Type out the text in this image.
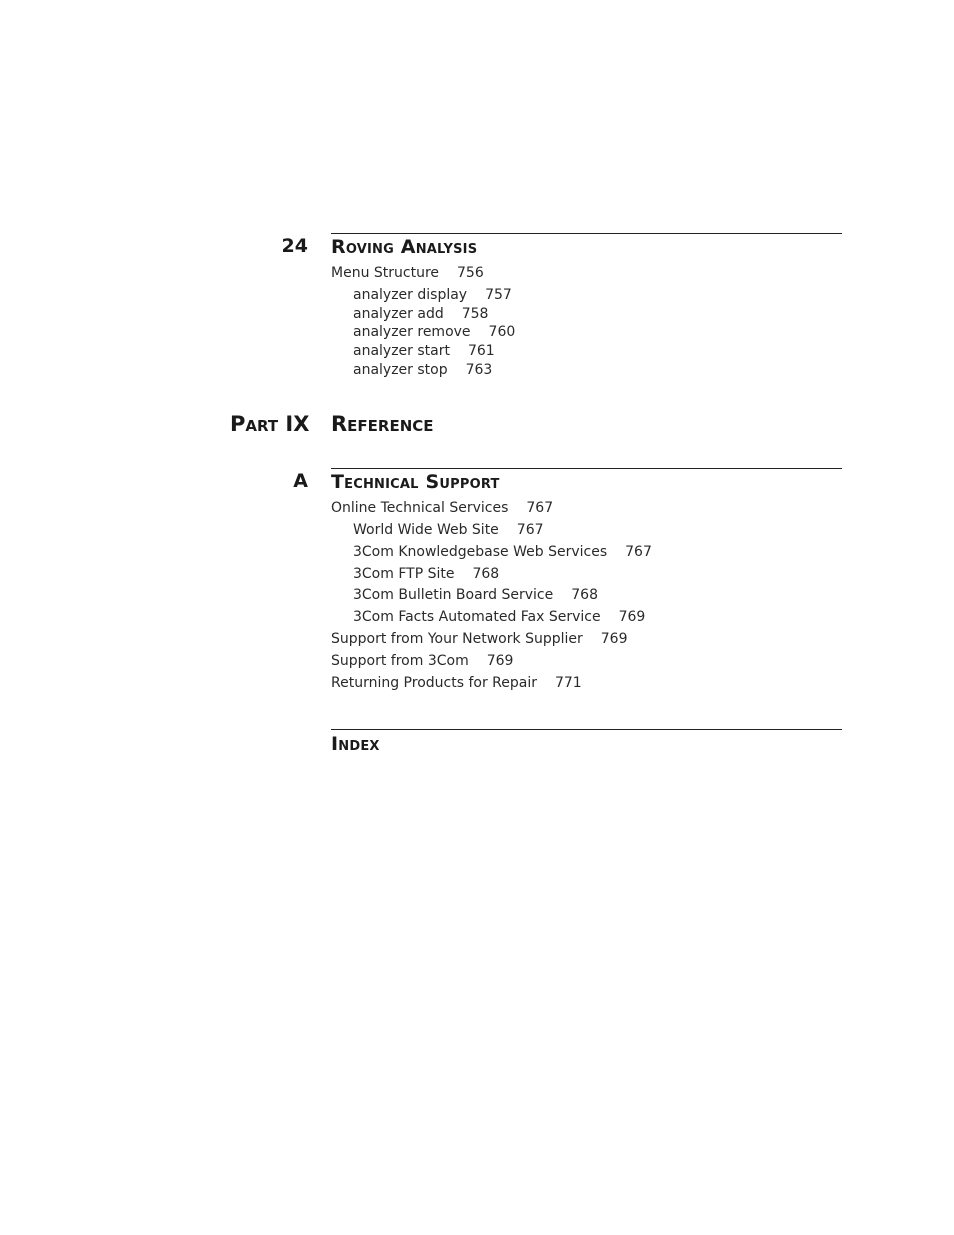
24 Roving Analysis
Menu Structure 756
analyzer display 757
analyzer add 758
analyzer remove 760
analyzer start 761
analyzer stop 763
Part IX Reference
A Technical Support
Online Technical Services 767
World Wide Web Site 767
3Com Knowledgebase Web Services 767
3Com FTP Site 768
3Com Bulletin Board Service 768
3Com Facts Automated Fax Service 769
Support from Your Network Supplier 769
Support from 3Com 769
Returning Products for Repair 771
Index
